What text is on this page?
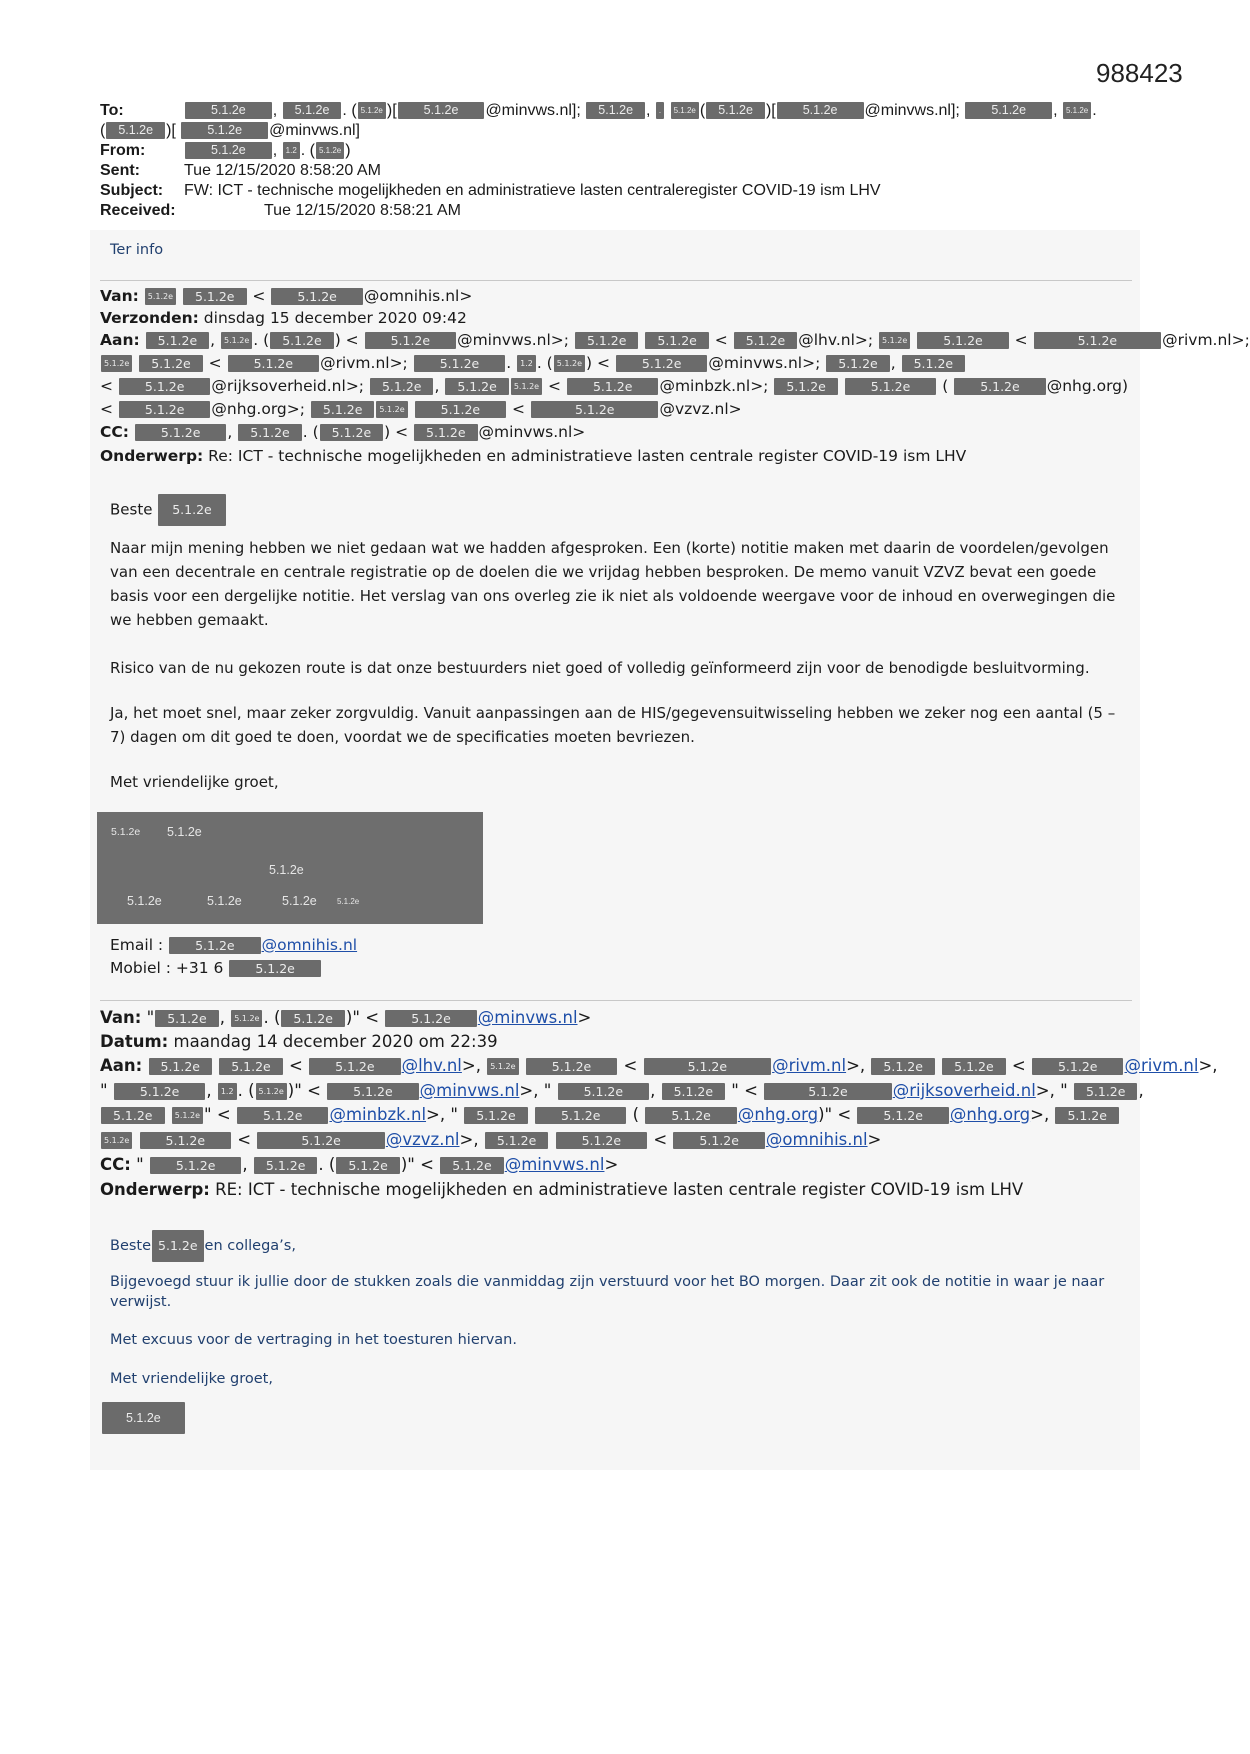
988423
To:	5.1.2e , 5.1.2e . ( 5.1.2e )[ 5.1.2e @minvws.nl]; 5.1.2e , . 5.1.2e ( 5.1.2e )[ 5.1.2e @minvws.nl];	5.1.2e , 5.1.2e .
( 5.1.2e )[ 5.1.2e @minvws.nl]
From:	5.1.2e , 1.2 . ( 5.1.2e )
Sent:	Tue 12/15/2020 8:58:20 AM
Subject: FW: ICT - technische mogelijkheden en administratieve lasten centraleregister COVID-19 ism LHV
Received:	Tue 12/15/2020 8:58:21 AM
Ter info
Van: 5.1.2e 5.1.2e < 5.1.2e @omnihis.nl>
Verzonden: dinsdag 15 december 2020 09:42
Aan: 5.1.2e , 5.1.2e . ( 5.1.2e ) < 5.1.2e @minvws.nl>; 5.1.2e 5.1.2e < 5.1.2e @lhv.nl>; 5.1.2e	5.1.2e <	5.1.2e	@rivm.nl>;
5.1.2e 5.1.2e < 5.1.2e @rivm.nl>;	5.1.2e . 1.2 . ( 5.1.2e ) < 5.1.2e @minvws.nl>; 5.1.2e , 5.1.2e
< 5.1.2e @rijksoverheid.nl>; 5.1.2e , 5.1.2e 5.1.2e < 5.1.2e @minbzk.nl>; 5.1.2e	5.1.2e ( 5.1.2e @nhg.org)
< 5.1.2e @nhg.org>; 5.1.2e 5.1.2e	5.1.2e <	5.1.2e	@vzvz.nl>
CC:	5.1.2e , 5.1.2e . ( 5.1.2e ) < 5.1.2e @minvws.nl>
Onderwerp: Re: ICT - technische mogelijkheden en administratieve lasten centrale register COVID-19 ism LHV
Beste 5.1.2e
Naar mijn mening hebben we niet gedaan wat we hadden afgesproken. Een (korte) notitie maken met daarin de voordelen/gevolgen van een decentrale en centrale registratie op de doelen die we vrijdag hebben besproken. De memo vanuit VZVZ bevat een goede basis voor een dergelijke notitie. Het verslag van ons overleg zie ik niet als voldoende weergave voor de inhoud en overwegingen die we hebben gemaakt.
Risico van de nu gekozen route is dat onze bestuurders niet goed of volledig geïnformeerd zijn voor de benodigde besluitvorming.
Ja, het moet snel, maar zeker zorgvuldig. Vanuit aanpassingen aan de HIS/gegevensuitwisseling hebben we zeker nog een aantal (5 – 7) dagen om dit goed te doen, voordat we de specificaties moeten bevriezen.
Met vriendelijke groet,
5.1.2e 5.1.2e
5.1.2e
5.1.2e	5.1.2e	5.1.2e	5.1.2e
Email :	5.1.2e @omnihis.nl
Mobiel : +31 6	5.1.2e
Van: " 5.1.2e , 5.1.2e . ( 5.1.2e )" < 5.1.2e @minvws.nl>
Datum: maandag 14 december 2020 om 22:39
Aan: 5.1.2e	5.1.2e < 5.1.2e @lhv.nl>, 5.1.2e	5.1.2e <	5.1.2e	@rivm.nl>, 5.1.2e	5.1.2e < 5.1.2e @rivm.nl>,
" 5.1.2e , 1.2 . ( 5.1.2e )" < 5.1.2e @minvws.nl>, " 5.1.2e , 5.1.2e " <	5.1.2e	@rijksoverheid.nl>, " 5.1.2e ,
5.1.2e	5.1.2e " < 5.1.2e @minbzk.nl>, " 5.1.2e	5.1.2e ( 5.1.2e @nhg.org)" < 5.1.2e @nhg.org>, 5.1.2e
5.1.2e	5.1.2e <	5.1.2e	@vzvz.nl>, 5.1.2e	5.1.2e < 5.1.2e @omnihis.nl>
CC: " 5.1.2e , 5.1.2e . ( 5.1.2e )" < 5.1.2e @minvws.nl>
Onderwerp: RE: ICT - technische mogelijkheden en administratieve lasten centrale register COVID-19 ism LHV
Beste 5.1.2e en collega’s,
Bijgevoegd stuur ik jullie door de stukken zoals die vanmiddag zijn verstuurd voor het BO morgen. Daar zit ook de notitie in waar je naar verwijst.
Met excuus voor de vertraging in het toesturen hiervan.
Met vriendelijke groet,
5.1.2e
